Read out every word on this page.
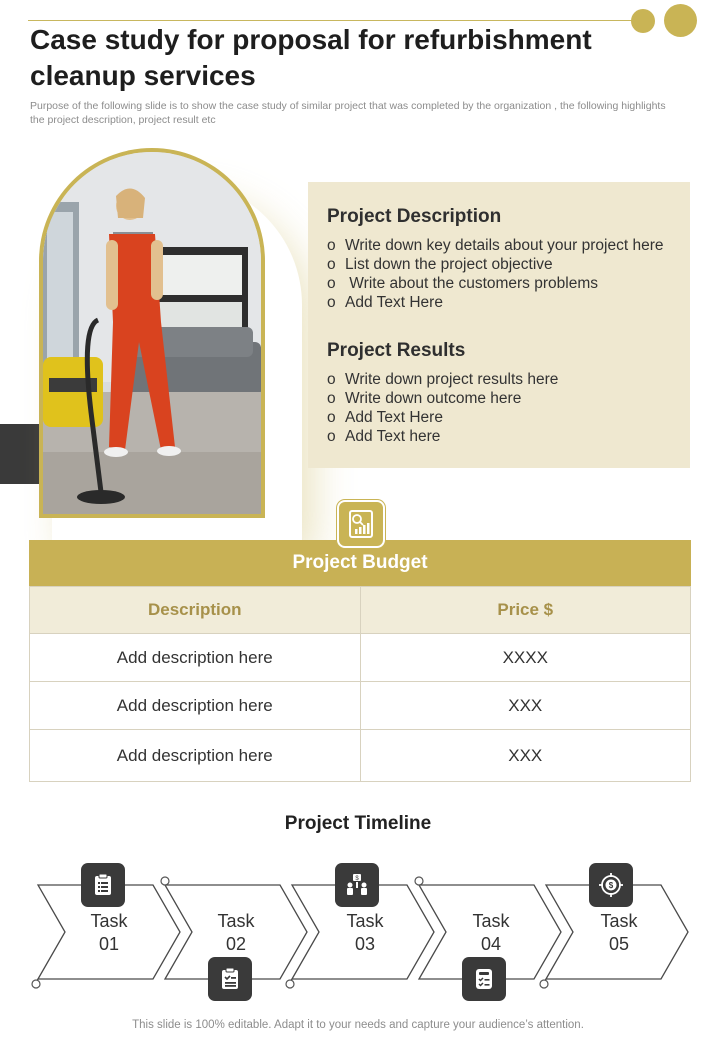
Case study for proposal for refurbishment cleanup services

Purpose of the following slide is to show the case study of similar project that was completed by the organization , the following highlights the project description, project result etc

Project Description
o Write down key details about your project here
o List down the project objective
o Write about the customers problems
o Add Text Here
Project Results
o Write down project results here
o Write down outcome here
o Add Text Here
o Add Text here
Project Budget
Description	Price $
Add description here	XXXX
Add description here	XXX
Add description here	XXX
Project Timeline
$
$
Task
01
Task
02
Task
03
Task
04
Task
05
This slide is 100% editable. Adapt it to your needs and capture your audience’s attention.
